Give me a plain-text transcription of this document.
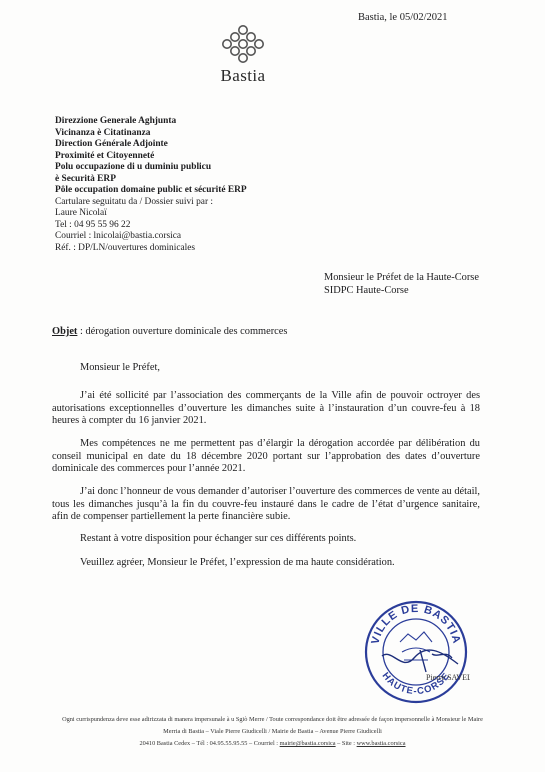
Bastia, le 05/02/2021
Bastia
Direzzione Generale Aghjunta
Vicinanza è Citatinanza
Direction Générale Adjointe
Proximité et Citoyenneté
Polu occupazione di u duminiu publicu
è Securità ERP
Pôle occupation domaine public et sécurité ERP
Cartulare seguitatu da / Dossier suivi par :
Laure Nicolaï
Tel : 04 95 55 96 22
Courriel : lnicolai@bastia.corsica
Réf. : DP/LN/ouvertures dominicales
Monsieur le Préfet de la Haute-Corse
SIDPC Haute-Corse
Objet : dérogation ouverture dominicale des commerces
Monsieur le Préfet,
J’ai été sollicité par l’association des commerçants de la Ville afin de pouvoir octroyer des autorisations exceptionnelles d’ouverture les dimanches suite à l’instauration d’un couvre-feu à 18 heures à compter du 16 janvier 2021.
Mes compétences ne me permettent pas d’élargir la dérogation accordée par délibération du conseil municipal en date du 18 décembre 2020 portant sur l’approbation des dates d’ouverture dominicale des commerces pour l’année 2021.
J’ai donc l’honneur de vous demander d’autoriser l’ouverture des commerces de vente au détail, tous les dimanches jusqu’à la fin du couvre-feu instauré dans le cadre de l’état d’urgence sanitaire, afin de compenser partiellement la perte financière subie.
Restant à votre disposition pour échanger sur ces différents points.
Veuillez agréer, Monsieur le Préfet, l’expression de ma haute considération.
VILLE DE BASTIA
HAUTE-CORSE
Pierre SAVEL
Ogni currispundenza deve esse adirizzata di manera impersunale à u Sgiò Merre / Toute correspondance doit être adressée de façon impersonnelle à Monsieur le Maire
Merria di Bastia – Viale Pierre Giudicelli / Mairie de Bastia – Avenue Pierre Giudicelli
20410 Bastia Cedex – Tél : 04.95.55.95.55 – Courriel : mairie@bastia.corsica – Site : www.bastia.corsica
